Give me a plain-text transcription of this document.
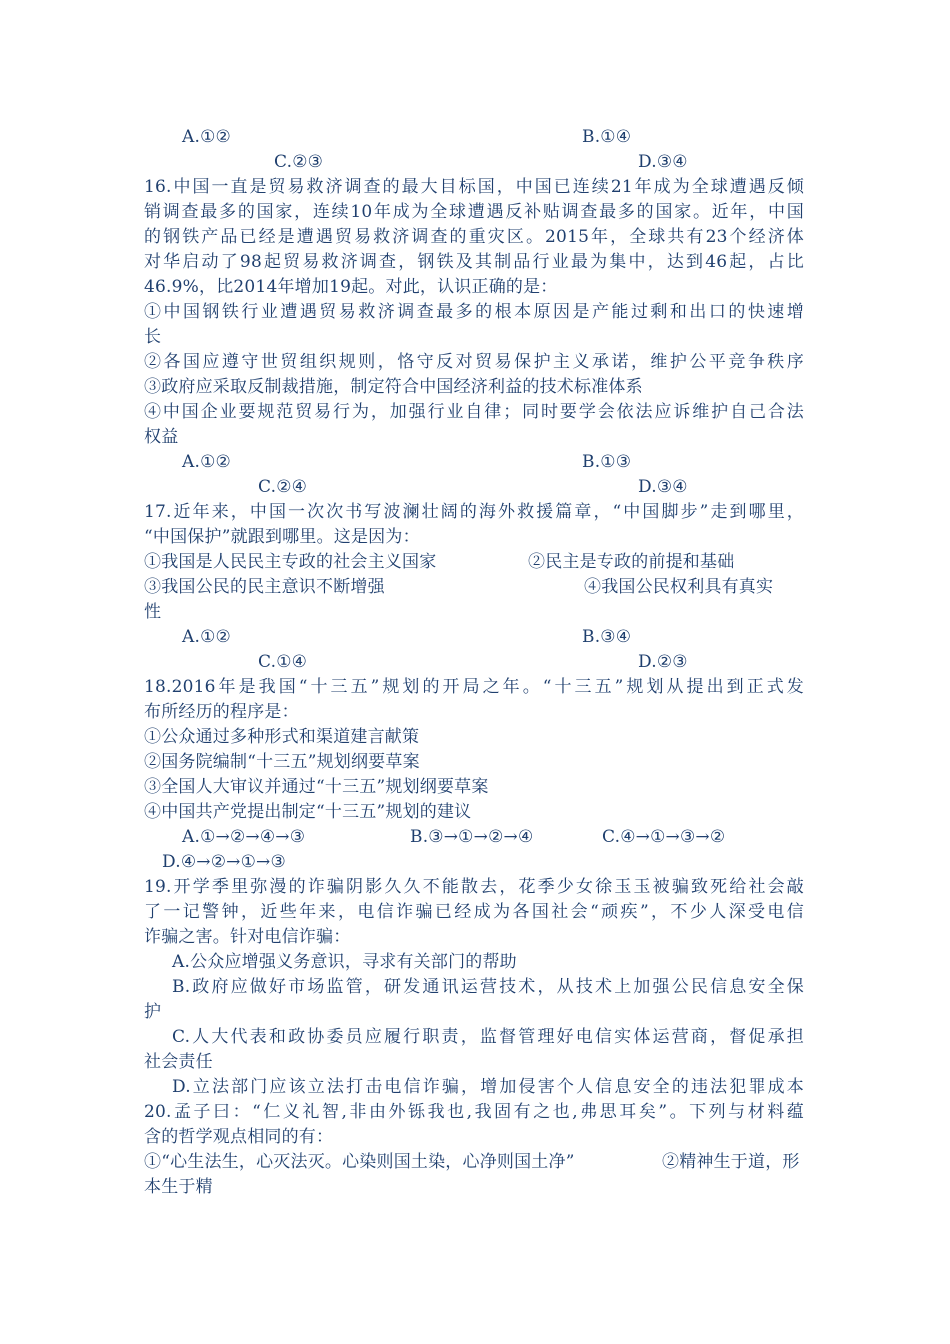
A.①②	B.①④
C.②③	D.③④
16.中国一直是贸易救济调查的最大目标国，中国已连续21年成为全球遭遇反倾
销调查最多的国家，连续10年成为全球遭遇反补贴调查最多的国家。近年，中国
的钢铁产品已经是遭遇贸易救济调查的重灾区。2015年，全球共有23个经济体
对华启动了98起贸易救济调查，钢铁及其制品行业最为集中，达到46起，占比
46.9%，比2014年增加19起。对此，认识正确的是：
①中国钢铁行业遭遇贸易救济调查最多的根本原因是产能过剩和出口的快速增
长
②各国应遵守世贸组织规则，恪守反对贸易保护主义承诺，维护公平竞争秩序
③政府应采取反制裁措施，制定符合中国经济利益的技术标准体系
④中国企业要规范贸易行为，加强行业自律；同时要学会依法应诉维护自己合法
权益
A.①②	B.①③
C.②④	D.③④
17.近年来，中国一次次书写波澜壮阔的海外救援篇章，“中国脚步”走到哪里，
“中国保护”就跟到哪里。这是因为：
①我国是人民民主专政的社会主义国家	②民主是专政的前提和基础
③我国公民的民主意识不断增强	④我国公民权利具有真实
性
A.①②	B.③④
C.①④	D.②③
18.2016年是我国“十三五”规划的开局之年。“十三五”规划从提出到正式发
布所经历的程序是：
①公众通过多种形式和渠道建言献策
②国务院编制“十三五”规划纲要草案
③全国人大审议并通过“十三五”规划纲要草案
④中国共产党提出制定“十三五”规划的建议
A.①→②→④→③	B.③→①→②→④	C.④→①→③→②
D.④→②→①→③
19.开学季里弥漫的诈骗阴影久久不能散去，花季少女徐玉玉被骗致死给社会敲
了一记警钟，近些年来，电信诈骗已经成为各国社会“顽疾”，不少人深受电信
诈骗之害。针对电信诈骗：
A.公众应增强义务意识，寻求有关部门的帮助
B.政府应做好市场监管，研发通讯运营技术，从技术上加强公民信息安全保
护
C.人大代表和政协委员应履行职责，监督管理好电信实体运营商，督促承担
社会责任
D.立法部门应该立法打击电信诈骗，增加侵害个人信息安全的违法犯罪成本
20.孟子曰：“仁义礼智,非由外铄我也,我固有之也,弗思耳矣”。下列与材料蕴
含的哲学观点相同的有：
①“心生法生，心灭法灭。心染则国土染，心净则国土净”	②精神生于道，形
本生于精
